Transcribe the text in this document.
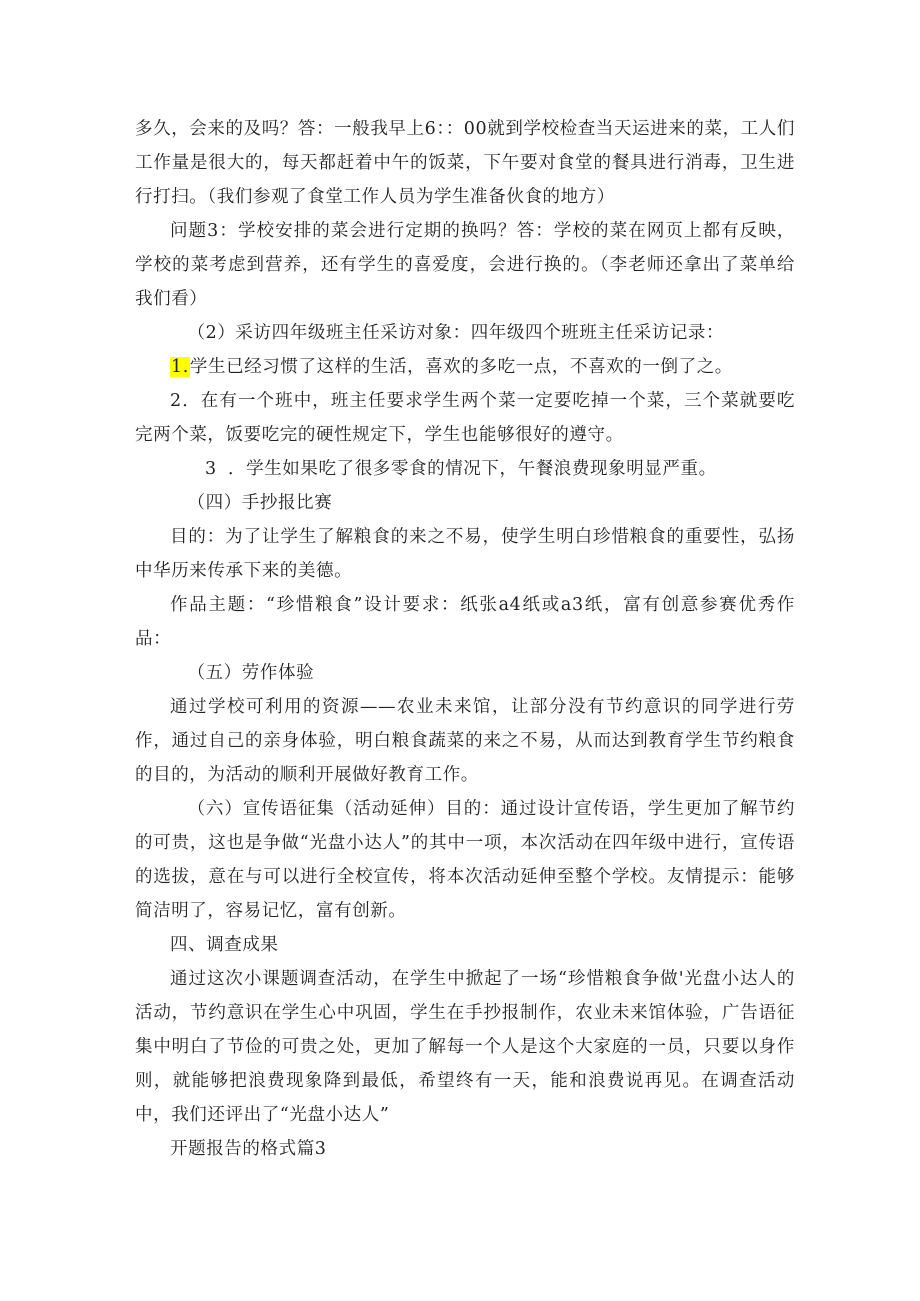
多久，会来的及吗？答：一般我早上6：：00就到学校检查当天运进来的菜，工人们工作量是很大的，每天都赶着中午的饭菜，下午要对食堂的餐具进行消毒，卫生进行打扫。（我们参观了食堂工作人员为学生准备伙食的地方）

问题3：学校安排的菜会进行定期的换吗？答：学校的菜在网页上都有反映，学校的菜考虑到营养，还有学生的喜爱度，会进行换的。（李老师还拿出了菜单给我们看）

（2）采访四年级班主任采访对象：四年级四个班班主任采访记录：

1.学生已经习惯了这样的生活，喜欢的多吃一点，不喜欢的一倒了之。

2．在有一个班中，班主任要求学生两个菜一定要吃掉一个菜，三个菜就要吃完两个菜，饭要吃完的硬性规定下，学生也能够很好的遵守。

3 ．学生如果吃了很多零食的情况下，午餐浪费现象明显严重。

（四）手抄报比赛

目的：为了让学生了解粮食的来之不易，使学生明白珍惜粮食的重要性，弘扬中华历来传承下来的美德。

作品主题：“珍惜粮食”设计要求：纸张a4纸或a3纸，富有创意参赛优秀作品：

（五）劳作体验

通过学校可利用的资源——农业未来馆，让部分没有节约意识的同学进行劳作，通过自己的亲身体验，明白粮食蔬菜的来之不易，从而达到教育学生节约粮食的目的，为活动的顺利开展做好教育工作。

（六）宣传语征集（活动延伸）目的：通过设计宣传语，学生更加了解节约的可贵，这也是争做“光盘小达人”的其中一项，本次活动在四年级中进行，宣传语的选拔，意在与可以进行全校宣传，将本次活动延伸至整个学校。友情提示：能够简洁明了，容易记忆，富有创新。

四、调查成果

通过这次小课题调查活动，在学生中掀起了一场“珍惜粮食争做'光盘小达人的活动，节约意识在学生心中巩固，学生在手抄报制作，农业未来馆体验，广告语征集中明白了节俭的可贵之处，更加了解每一个人是这个大家庭的一员，只要以身作则，就能够把浪费现象降到最低，希望终有一天，能和浪费说再见。在调查活动中，我们还评出了“光盘小达人”

开题报告的格式篇3
